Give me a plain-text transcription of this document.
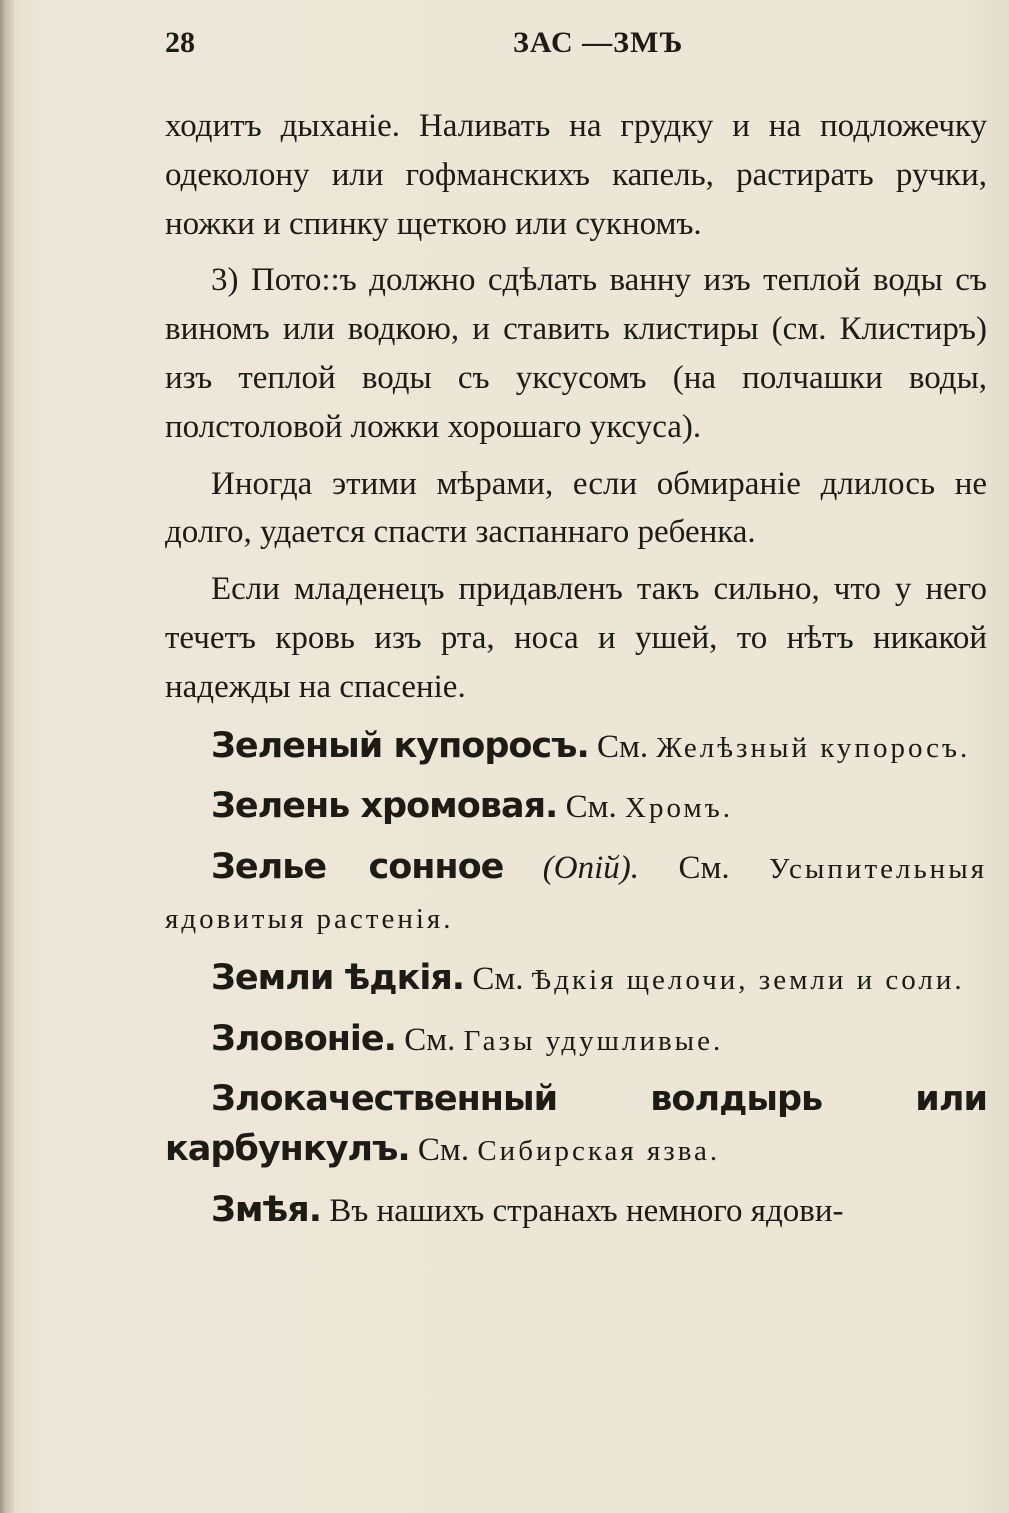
28	ЗАС —ЗМЪ

ходитъ дыханіе. Наливать на грудку и на подложечку одеколону или гофманскихъ капель, растирать ручки, ножки и спинку щеткою или сукномъ.

3) Пото::ъ должно сдѣлать ванну изъ теплой воды съ виномъ или водкою, и ставить клистиры (см. Клистиръ) изъ теплой воды съ уксусомъ (на полчашки воды, полстоловой ложки хорошаго уксуса).

Иногда этими мѣрами, если обмираніе длилось не долго, удается спасти заспаннаго ребенка.

Если младенецъ придавленъ такъ сильно, что у него течетъ кровь изъ рта, носа и ушей, то нѣтъ никакой надежды на спасеніе.

Зеленый купоросъ. См. Желѣзный купоросъ.

Зелень хромовая. См. Хромъ.

Зелье сонное (Опій). См. Усыпительныя ядовитыя растенія.

Земли ѣдкія. См. Ѣдкія щелочи, земли и соли.

Зловоніе. См. Газы удушливые.

Злокачественный волдырь или карбункулъ. См. Сибирская язва.

Змѣя. Въ нашихъ странахъ немного ядови-
